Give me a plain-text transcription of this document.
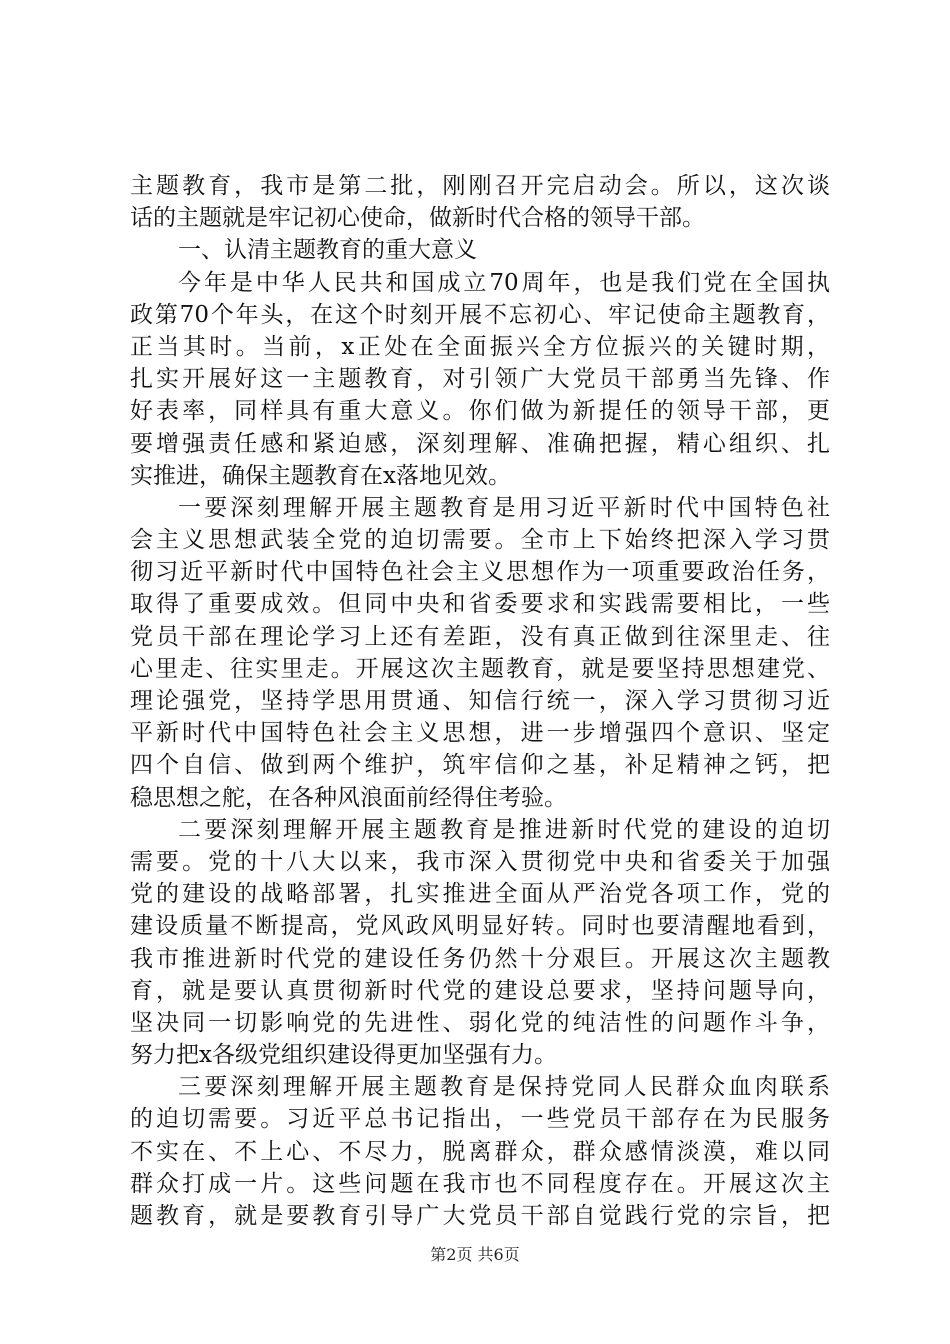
主题教育，我市是第二批，刚刚召开完启动会。所以，这次谈
话的主题就是牢记初心使命，做新时代合格的领导干部。
一、认清主题教育的重大意义
今年是中华人民共和国成立70周年，也是我们党在全国执
政第70个年头，在这个时刻开展不忘初心、牢记使命主题教育，
正当其时。当前，x正处在全面振兴全方位振兴的关键时期，
扎实开展好这一主题教育，对引领广大党员干部勇当先锋、作
好表率，同样具有重大意义。你们做为新提任的领导干部，更
要增强责任感和紧迫感，深刻理解、准确把握，精心组织、扎
实推进，确保主题教育在x落地见效。
一要深刻理解开展主题教育是用习近平新时代中国特色社
会主义思想武装全党的迫切需要。全市上下始终把深入学习贯
彻习近平新时代中国特色社会主义思想作为一项重要政治任务，
取得了重要成效。但同中央和省委要求和实践需要相比，一些
党员干部在理论学习上还有差距，没有真正做到往深里走、往
心里走、往实里走。开展这次主题教育，就是要坚持思想建党、
理论强党，坚持学思用贯通、知信行统一，深入学习贯彻习近
平新时代中国特色社会主义思想，进一步增强四个意识、坚定
四个自信、做到两个维护，筑牢信仰之基，补足精神之钙，把
稳思想之舵，在各种风浪面前经得住考验。
二要深刻理解开展主题教育是推进新时代党的建设的迫切
需要。党的十八大以来，我市深入贯彻党中央和省委关于加强
党的建设的战略部署，扎实推进全面从严治党各项工作，党的
建设质量不断提高，党风政风明显好转。同时也要清醒地看到，
我市推进新时代党的建设任务仍然十分艰巨。开展这次主题教
育，就是要认真贯彻新时代党的建设总要求，坚持问题导向，
坚决同一切影响党的先进性、弱化党的纯洁性的问题作斗争，
努力把x各级党组织建设得更加坚强有力。
三要深刻理解开展主题教育是保持党同人民群众血肉联系
的迫切需要。习近平总书记指出，一些党员干部存在为民服务
不实在、不上心、不尽力，脱离群众，群众感情淡漠，难以同
群众打成一片。这些问题在我市也不同程度存在。开展这次主
题教育，就是要教育引导广大党员干部自觉践行党的宗旨，把
第2页 共6页
